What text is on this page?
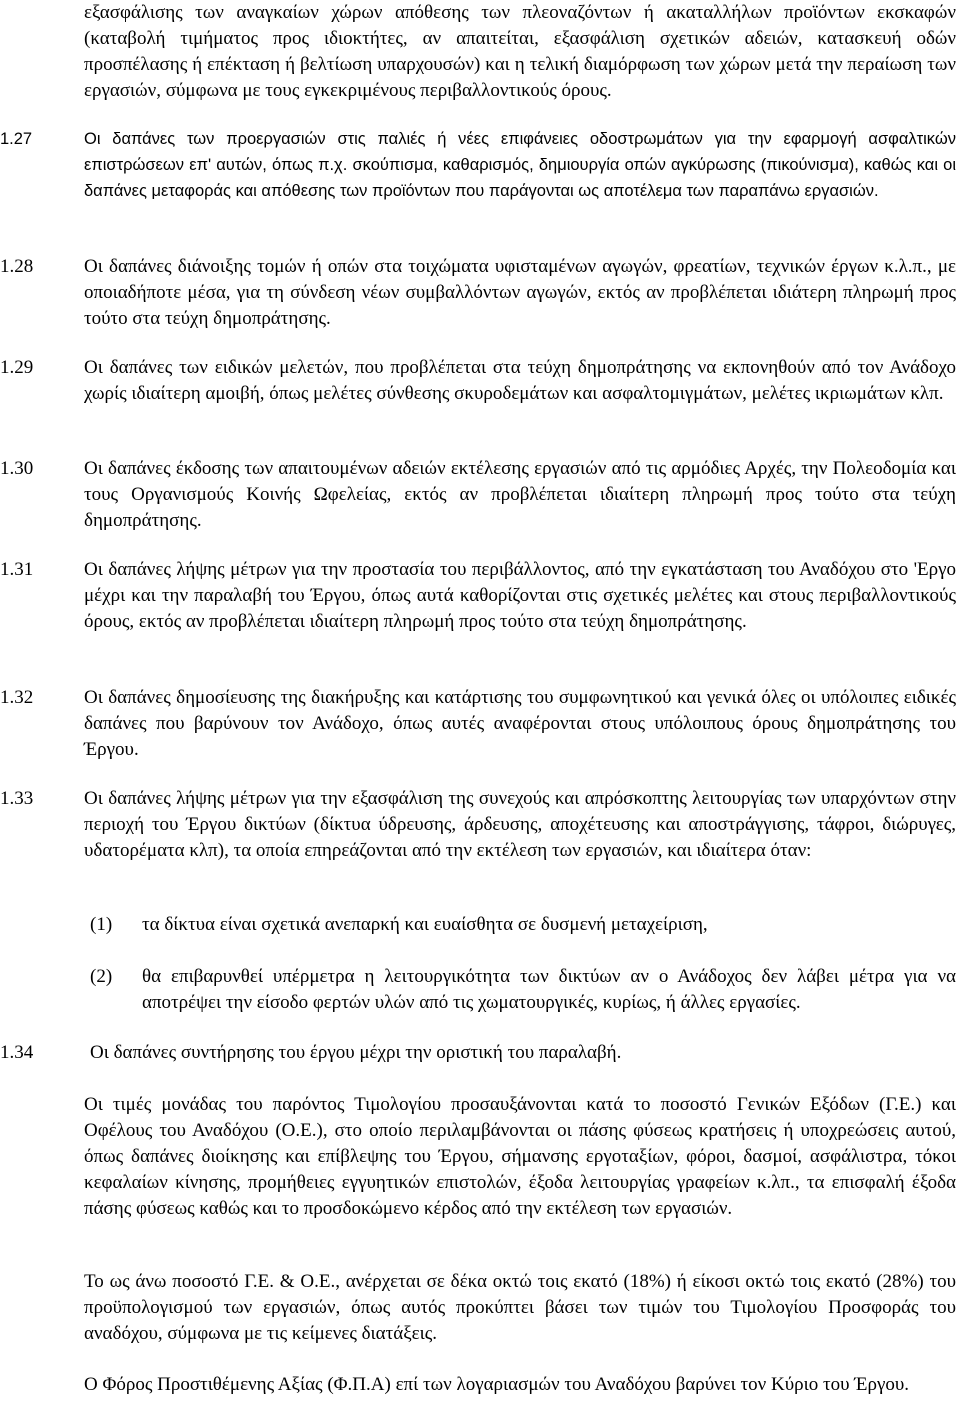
εξασφάλισης των αναγκαίων χώρων απόθεσης των πλεοναζόντων ή ακαταλλήλων προϊόντων εκσκαφών (καταβολή τιμήματος προς ιδιοκτήτες, αν απαιτείται, εξασφάλιση σχετικών αδειών, κατασκευή οδών προσπέλασης ή επέκταση ή βελτίωση υπαρχουσών) και η τελική διαμόρφωση των χώρων μετά την περαίωση των εργασιών, σύμφωνα με τους εγκεκριμένους περιβαλλοντικούς όρους.
1.27	Οι δαπάνες των προεργασιών στις παλιές ή νέες επιφάνειες οδοστρωμάτων για την εφαρμογή ασφαλτικών επιστρώσεων επ' αυτών, όπως π.χ. σκούπισμα, καθαρισμός, δημιουργία οπών αγκύρωσης (πικούνισμα), καθώς και οι δαπάνες μεταφοράς και απόθεσης των προϊόντων που παράγονται ως αποτέλεμα των παραπάνω εργασιών.
1.28	Οι δαπάνες διάνοιξης τομών ή οπών στα τοιχώματα υφισταμένων αγωγών, φρεατίων, τεχνικών έργων κ.λ.π., με οποιαδήποτε μέσα, για τη σύνδεση νέων συμβαλλόντων αγωγών, εκτός αν προβλέπεται ιδιάτερη πληρωμή προς τούτο στα τεύχη δημοπράτησης.
1.29	Οι δαπάνες των ειδικών μελετών, που προβλέπεται στα τεύχη δημοπράτησης να εκπονηθούν από τον Ανάδοχο χωρίς ιδιαίτερη αμοιβή, όπως μελέτες σύνθεσης σκυροδεμάτων και ασφαλτομιγμάτων, μελέτες ικριωμάτων κλπ.
1.30	Οι δαπάνες έκδοσης των απαιτουμένων αδειών εκτέλεσης εργασιών από τις αρμόδιες Αρχές, την Πολεοδομία και τους Οργανισμούς Κοινής Ωφελείας, εκτός αν προβλέπεται ιδιαίτερη πληρωμή προς τούτο στα τεύχη δημοπράτησης.
1.31	Οι δαπάνες λήψης μέτρων για την προστασία του περιβάλλοντος, από την εγκατάσταση του Αναδόχου στο 'Εργο μέχρι και την παραλαβή του Έργου, όπως αυτά καθορίζονται στις σχετικές μελέτες και στους περιβαλλοντικούς όρους, εκτός αν προβλέπεται ιδιαίτερη πληρωμή προς τούτο στα τεύχη δημοπράτησης.
1.32	Οι δαπάνες δημοσίευσης της διακήρυξης και κατάρτισης του συμφωνητικού και γενικά όλες οι υπόλοιπες ειδικές δαπάνες που βαρύνουν τον Ανάδοχο, όπως αυτές αναφέρονται στους υπόλοιπους όρους δημοπράτησης του Έργου.
1.33	Οι δαπάνες λήψης μέτρων για την εξασφάλιση της συνεχούς και απρόσκοπτης λειτουργίας των υπαρχόντων στην περιοχή του Έργου δικτύων (δίκτυα ύδρευσης, άρδευσης, αποχέτευσης και αποστράγγισης, τάφροι, διώρυγες, υδατορέματα κλπ), τα οποία επηρεάζονται από την εκτέλεση των εργασιών, και ιδιαίτερα όταν:
(1) τα δίκτυα είναι σχετικά ανεπαρκή και ευαίσθητα σε δυσμενή μεταχείριση,
(2) θα επιβαρυνθεί υπέρμετρα η λειτουργικότητα των δικτύων αν ο Ανάδοχος δεν λάβει μέτρα για να αποτρέψει την είσοδο φερτών υλών από τις χωματουργικές, κυρίως, ή άλλες εργασίες.
1.34	Οι δαπάνες συντήρησης του έργου μέχρι την οριστική του παραλαβή.
Οι τιμές μονάδας του παρόντος Τιμολογίου προσαυξάνονται κατά το ποσοστό Γενικών Εξόδων (Γ.Ε.) και Οφέλους του Αναδόχου (Ο.Ε.), στο οποίο περιλαμβάνονται οι πάσης φύσεως κρατήσεις ή υποχρεώσεις αυτού, όπως δαπάνες διοίκησης και επίβλεψης του Έργου, σήμανσης εργοταξίων, φόροι, δασμοί, ασφάλιστρα, τόκοι κεφαλαίων κίνησης, προμήθειες εγγυητικών επιστολών, έξοδα λειτουργίας γραφείων κ.λπ., τα επισφαλή έξοδα πάσης φύσεως καθώς και το προσδοκώμενο κέρδος από την εκτέλεση των εργασιών.
Το ως άνω ποσοστό Γ.Ε. & Ο.Ε., ανέρχεται σε δέκα οκτώ τοις εκατό (18%) ή είκοσι οκτώ τοις εκατό (28%) του προϋπολογισμού των εργασιών, όπως αυτός προκύπτει βάσει των τιμών του Τιμολογίου Προσφοράς του αναδόχου, σύμφωνα με τις κείμενες διατάξεις.
Ο Φόρος Προστιθέμενης Αξίας (Φ.Π.Α) επί των λογαριασμών του Αναδόχου βαρύνει τον Κύριο του Έργου.
